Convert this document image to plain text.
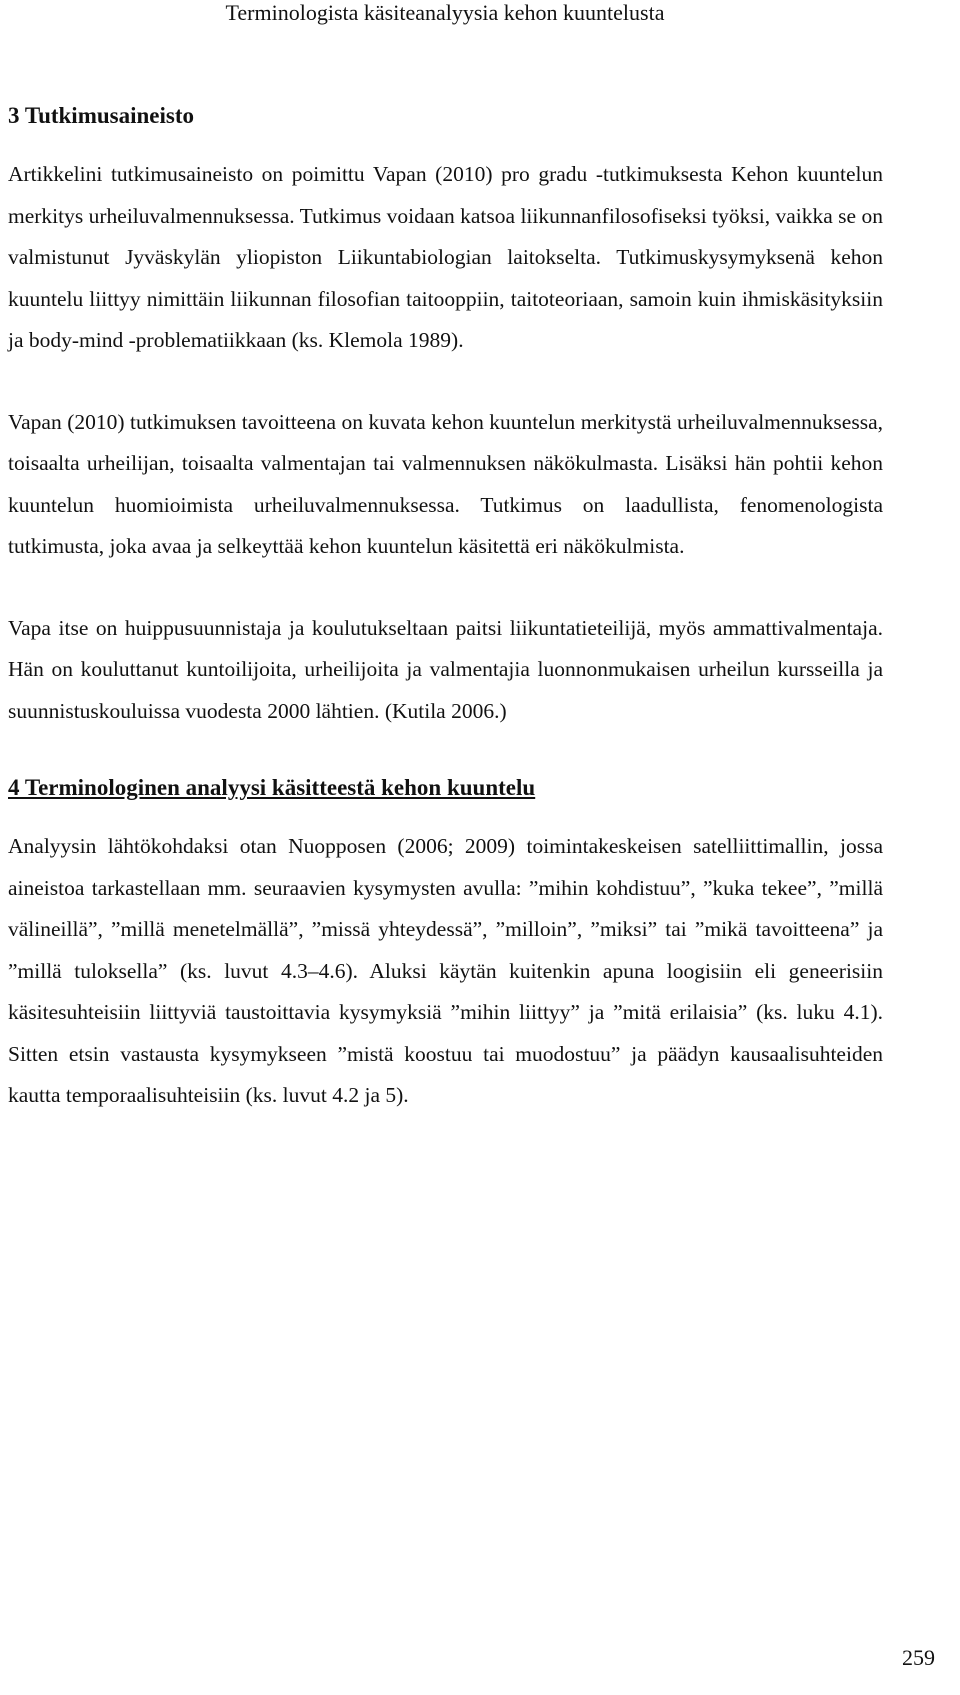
Terminologista käsiteanalyysia kehon kuuntelusta
3 Tutkimusaineisto

Artikkelini tutkimusaineisto on poimittu Vapan (2010) pro gradu -tutkimuksesta Kehon kuuntelun merkitys urheiluvalmennuksessa. Tutkimus voidaan katsoa liikunnanfilosofiseksi työksi, vaikka se on valmistunut Jyväskylän yliopiston Liikuntabiologian laitokselta. Tutkimuskysymyksenä kehon kuuntelu liittyy nimittäin liikunnan filosofian taitooppiin, taitoteoriaan, samoin kuin ihmiskäsityksiin ja body-mind -problematiikkaan (ks. Klemola 1989).

Vapan (2010) tutkimuksen tavoitteena on kuvata kehon kuuntelun merkitystä urheiluvalmennuksessa, toisaalta urheilijan, toisaalta valmentajan tai valmennuksen näkökulmasta. Lisäksi hän pohtii kehon kuuntelun huomioimista urheiluvalmennuksessa. Tutkimus on laadullista, fenomenologista tutkimusta, joka avaa ja selkeyttää kehon kuuntelun käsitettä eri näkökulmista.

Vapa itse on huippusuunnistaja ja koulutukseltaan paitsi liikuntatieteilijä, myös ammattivalmentaja. Hän on kouluttanut kuntoilijoita, urheilijoita ja valmentajia luonnonmukaisen urheilun kursseilla ja suunnistuskouluissa vuodesta 2000 lähtien. (Kutila 2006.)

4 Terminologinen analyysi käsitteestä kehon kuuntelu

Analyysin lähtökohdaksi otan Nuopposen (2006; 2009) toimintakeskeisen satelliittimallin, jossa aineistoa tarkastellaan mm. seuraavien kysymysten avulla: ”mihin kohdistuu”, ”kuka tekee”, ”millä välineillä”, ”millä menetelmällä”, ”missä yhteydessä”, ”milloin”, ”miksi” tai ”mikä tavoitteena” ja ”millä tuloksella” (ks. luvut 4.3–4.6). Aluksi käytän kuitenkin apuna loogisiin eli geneerisiin käsitesuhteisiin liittyviä taustoittavia kysymyksiä ”mihin liittyy” ja ”mitä erilaisia” (ks. luku 4.1). Sitten etsin vastausta kysymykseen ”mistä koostuu tai muodostuu” ja päädyn kausaalisuhteiden kautta temporaalisuhteisiin (ks. luvut 4.2 ja 5).

259
